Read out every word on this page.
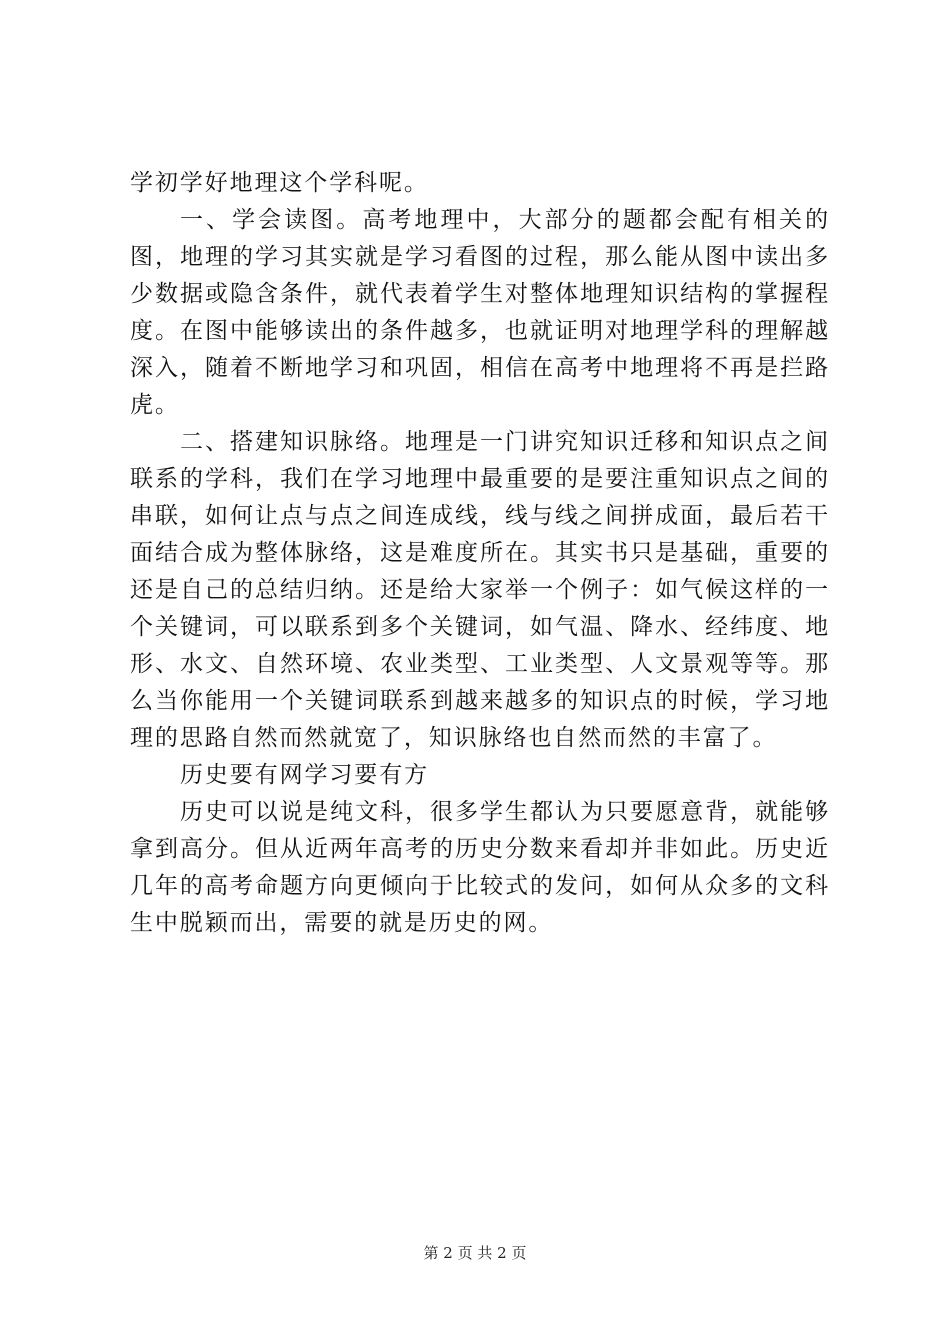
学初学好地理这个学科呢。

一、学会读图。高考地理中，大部分的题都会配有相关的图，地理的学习其实就是学习看图的过程，那么能从图中读出多少数据或隐含条件，就代表着学生对整体地理知识结构的掌握程度。在图中能够读出的条件越多，也就证明对地理学科的理解越深入，随着不断地学习和巩固，相信在高考中地理将不再是拦路虎。

二、搭建知识脉络。地理是一门讲究知识迁移和知识点之间联系的学科，我们在学习地理中最重要的是要注重知识点之间的串联，如何让点与点之间连成线，线与线之间拼成面，最后若干面结合成为整体脉络，这是难度所在。其实书只是基础，重要的还是自己的总结归纳。还是给大家举一个例子：如气候这样的一个关键词，可以联系到多个关键词，如气温、降水、经纬度、地形、水文、自然环境、农业类型、工业类型、人文景观等等。那么当你能用一个关键词联系到越来越多的知识点的时候，学习地理的思路自然而然就宽了，知识脉络也自然而然的丰富了。

历史要有网学习要有方

历史可以说是纯文科，很多学生都认为只要愿意背，就能够拿到高分。但从近两年高考的历史分数来看却并非如此。历史近几年的高考命题方向更倾向于比较式的发问，如何从众多的文科生中脱颖而出，需要的就是历史的网。

第 2 页 共 2 页
